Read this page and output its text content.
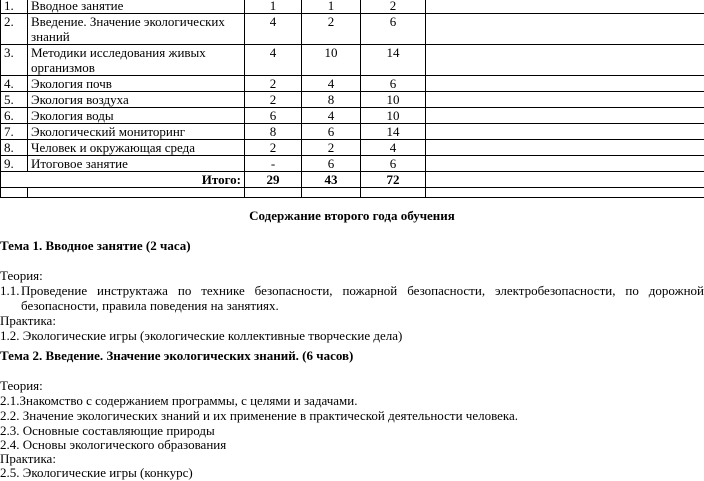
1.	Вводное занятие	1	1	2	
2.	Введение. Значение экологических знаний	4	2	6	
3.	Методики исследования живых организмов	4	10	14	
4.	Экология почв	2	4	6	
5.	Экология воздуха	2	8	10	
6.	Экология воды	6	4	10	
7.	Экологический мониторинг	8	6	14	
8.	Человек и окружающая среда	2	2	4	
9.	Итоговое занятие	-	6	6	
Итого:		29	43	72	

Содержание второго года обучения
Тема 1. Вводное занятие (2 часа)
Теория:
1.1. Проведение инструктажа по технике безопасности, пожарной безопасности, электробезопасности, по дорожной безопасности, правила поведения на занятиях.
Практика:
1.2. Экологические игры (экологические коллективные творческие дела)
Тема 2. Введение. Значение экологических знаний. (6 часов)
Теория:
2.1.Знакомство с содержанием программы, с целями и задачами.
2.2. Значение экологических знаний и их применение в практической деятельности человека.
2.3. Основные составляющие природы
2.4. Основы экологического образования
Практика:
2.5. Экологические игры (конкурс)
